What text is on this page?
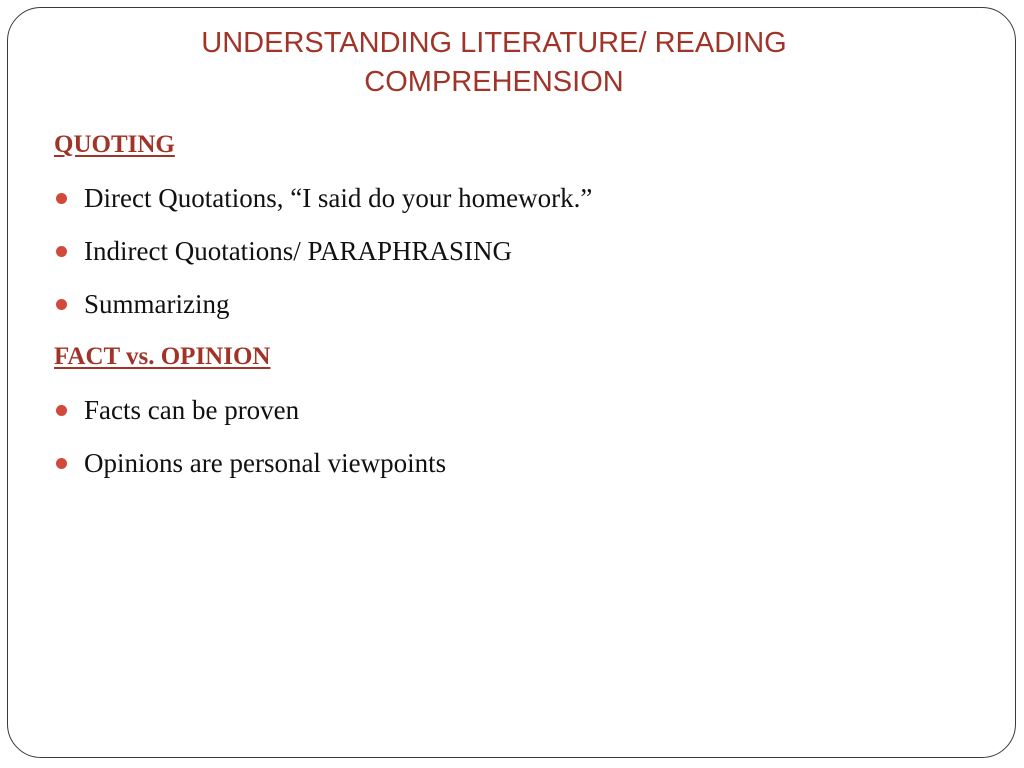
UNDERSTANDING LITERATURE/ READING
COMPREHENSION
QUOTING
Direct Quotations, “I said do your homework.”
Indirect Quotations/ PARAPHRASING
Summarizing
FACT vs. OPINION
Facts can be proven
Opinions are personal viewpoints
